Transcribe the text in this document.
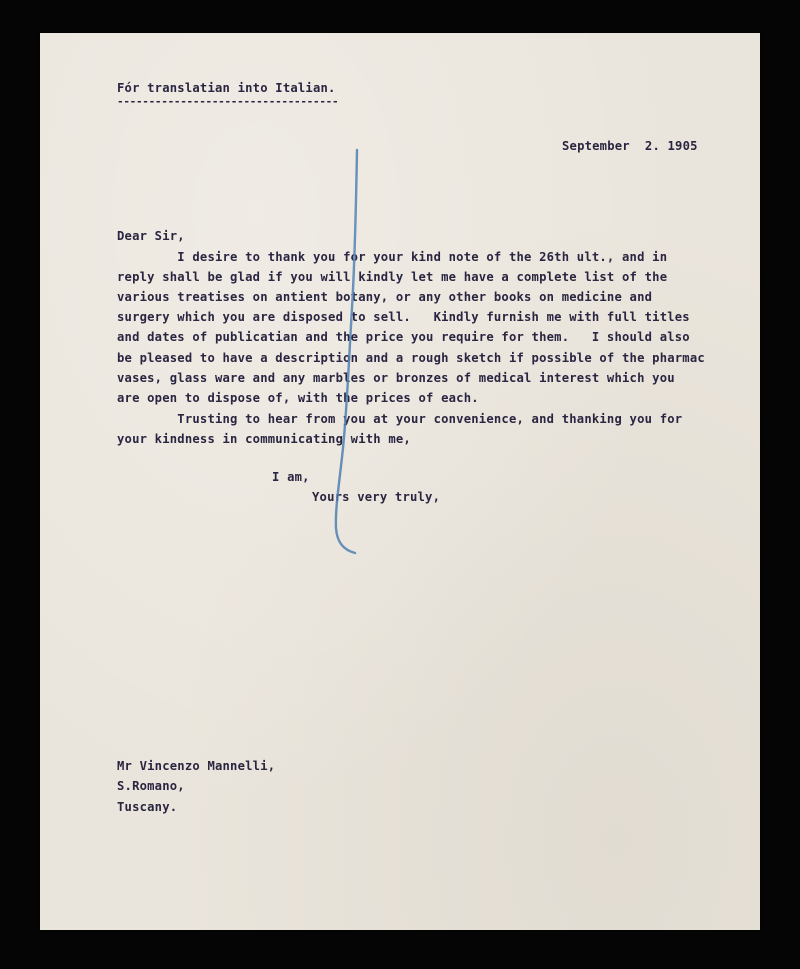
Fór translatian into Italian.

-----------------------------------

September  2. 1905

Dear Sir,

I desire to thank you for your kind note of the 26th ult., and in

reply shall be glad if you will kindly let me have a complete list of the

various treatises on antient botany, or any other books on medicine and

surgery which you are disposed to sell.   Kindly furnish me with full titles

and dates of publicatian and the price you require for them.   I should also

be pleased to have a description and a rough sketch if possible of the pharmac

vases, glass ware and any marbles or bronzes of medical interest which you

are open to dispose of, with the prices of each.

Trusting to hear from you at your convenience, and thanking you for

your kindness in communicating with me,

I am,

Yours very truly,

Mr Vincenzo Mannelli,

S.Romano,

Tuscany.
